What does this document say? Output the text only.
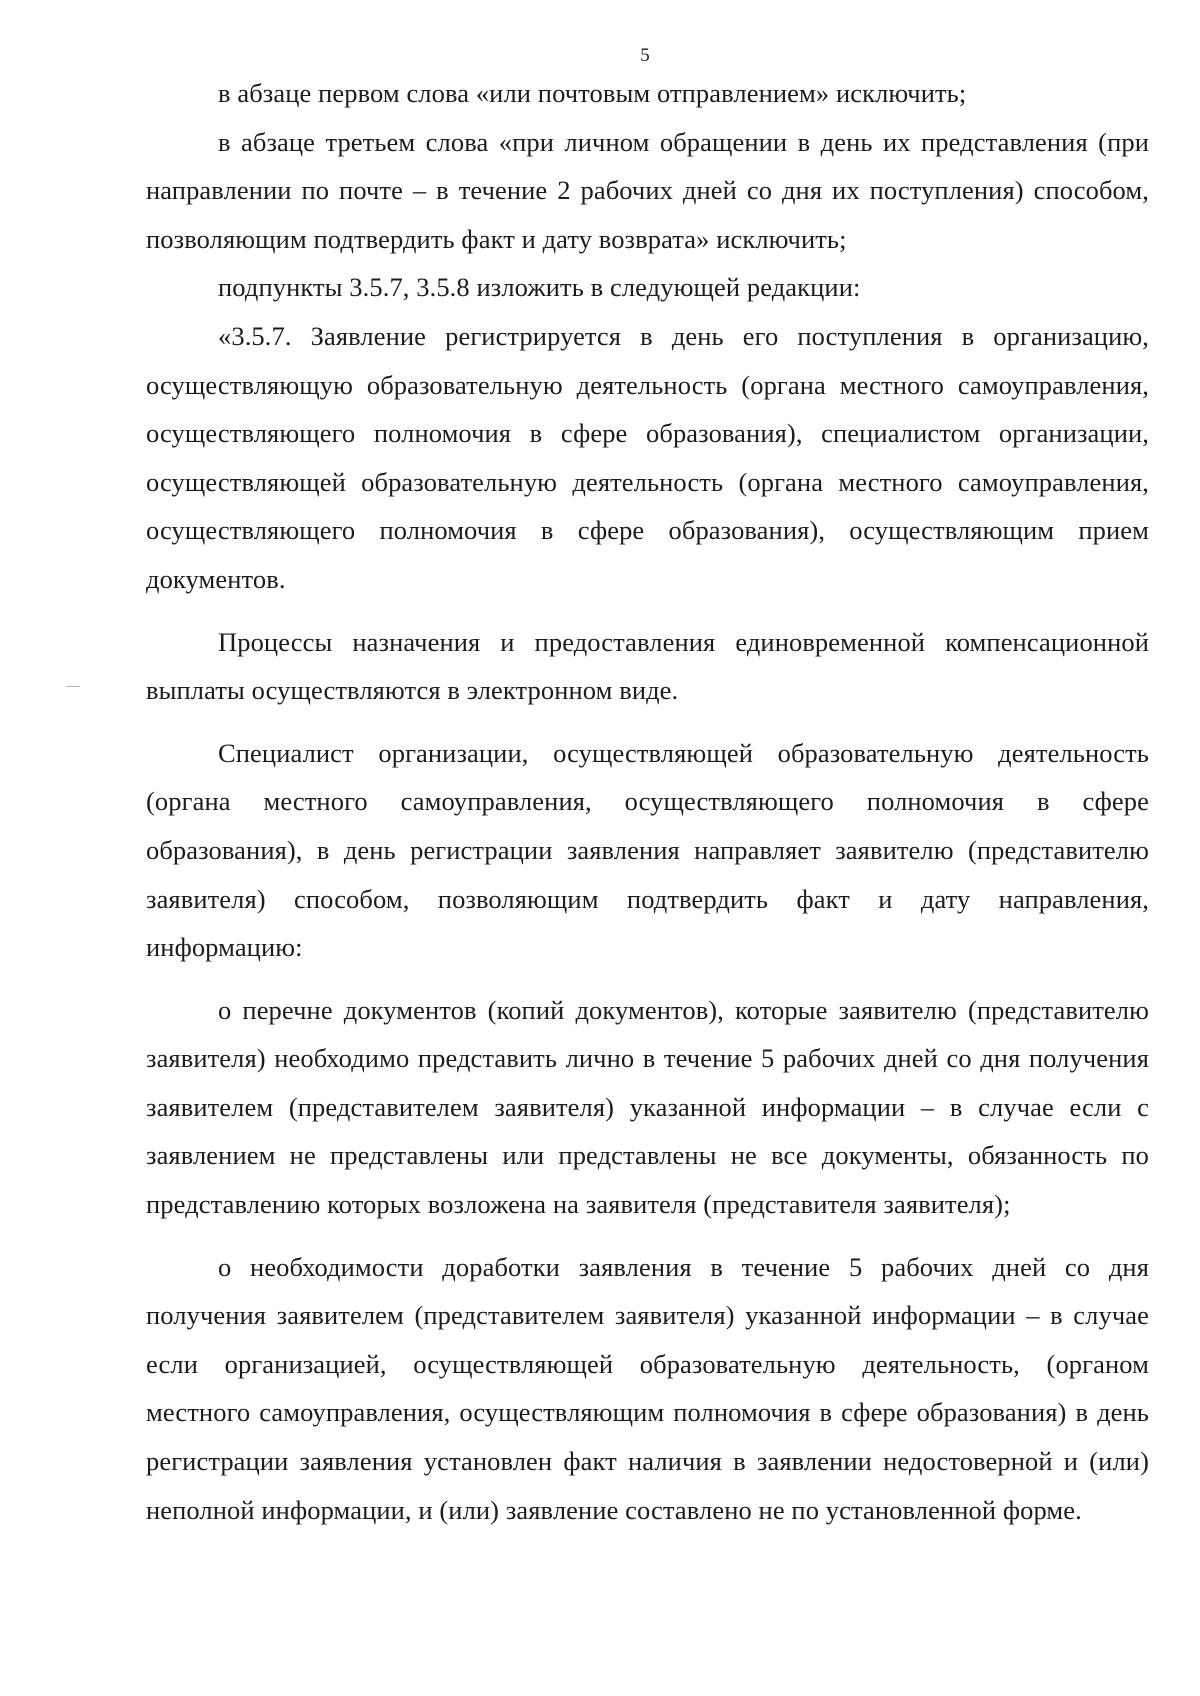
5

в абзаце первом слова «или почтовым отправлением» исключить;

в абзаце третьем слова «при личном обращении в день их представления (при направлении по почте – в течение 2 рабочих дней со дня их поступления) способом, позволяющим подтвердить факт и дату возврата» исключить;

подпункты 3.5.7, 3.5.8 изложить в следующей редакции:

«3.5.7. Заявление регистрируется в день его поступления в организацию, осуществляющую образовательную деятельность (органа местного самоуправления, осуществляющего полномочия в сфере образования), специалистом организации, осуществляющей образовательную деятельность (органа местного самоуправления, осуществляющего полномочия в сфере образования), осуществляющим прием документов.

Процессы назначения и предоставления единовременной компенсационной выплаты осуществляются в электронном виде.

Специалист организации, осуществляющей образовательную деятельность (органа местного самоуправления, осуществляющего полномочия в сфере образования), в день регистрации заявления направляет заявителю (представителю заявителя) способом, позволяющим подтвердить факт и дату направления, информацию:

о перечне документов (копий документов), которые заявителю (представителю заявителя) необходимо представить лично в течение 5 рабочих дней со дня получения заявителем (представителем заявителя) указанной информации – в случае если с заявлением не представлены или представлены не все документы, обязанность по представлению которых возложена на заявителя (представителя заявителя);

о необходимости доработки заявления в течение 5 рабочих дней со дня получения заявителем (представителем заявителя) указанной информации – в случае если организацией, осуществляющей образовательную деятельность, (органом местного самоуправления, осуществляющим полномочия в сфере образования) в день регистрации заявления установлен факт наличия в заявлении недостоверной и (или) неполной информации, и (или) заявление составлено не по установленной форме.
